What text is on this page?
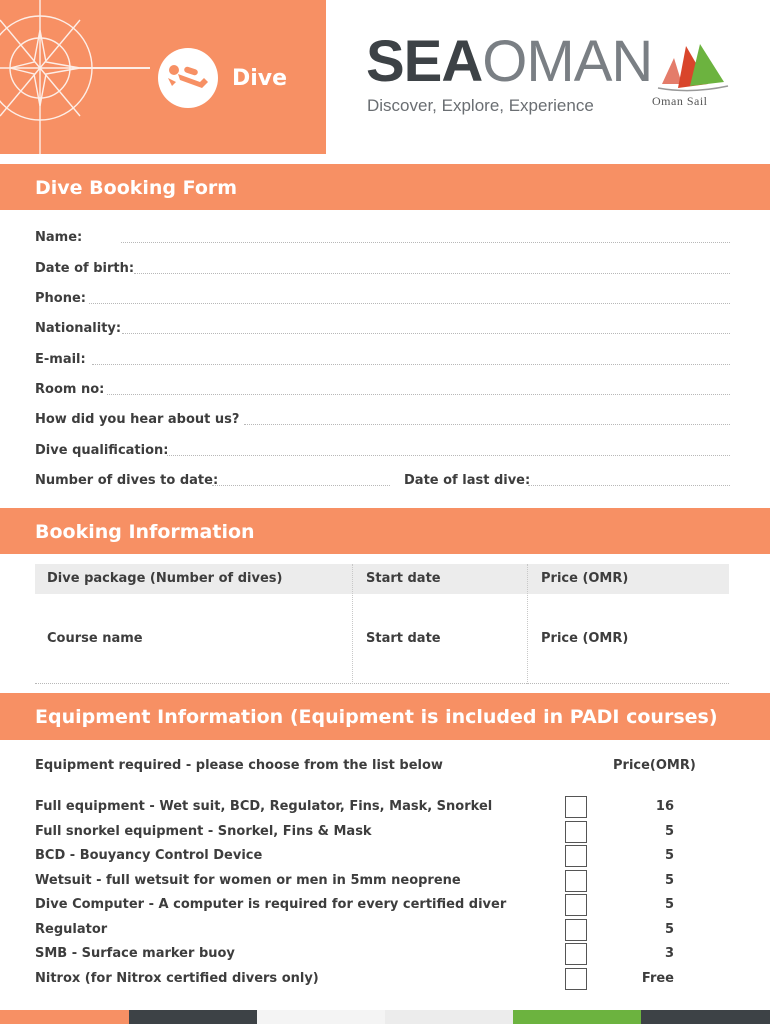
Dive SEAOMAN
Discover, Explore, Experience	Oman Sail
Dive Booking Form
Name:
Date of birth:
Phone:
Nationality:
E-mail:
Room no:
How did you hear about us?
Dive qualification:
Number of dives to date:	Date of last dive:
Booking Information
Dive package (Number of dives)	Start date	Price (OMR)
Course name	Start date	Price (OMR)
Equipment Information (Equipment is included in PADI courses)
Equipment required - please choose from the list below	Price(OMR)
Full equipment - Wet suit, BCD, Regulator, Fins, Mask, Snorkel	16
Full snorkel equipment - Snorkel, Fins & Mask	5
BCD - Bouyancy Control Device	5
Wetsuit - full wetsuit for women or men in 5mm neoprene	5
Dive Computer - A computer is required for every certified diver	5
Regulator	5
SMB - Surface marker buoy	3
Nitrox (for Nitrox certified divers only)	Free
